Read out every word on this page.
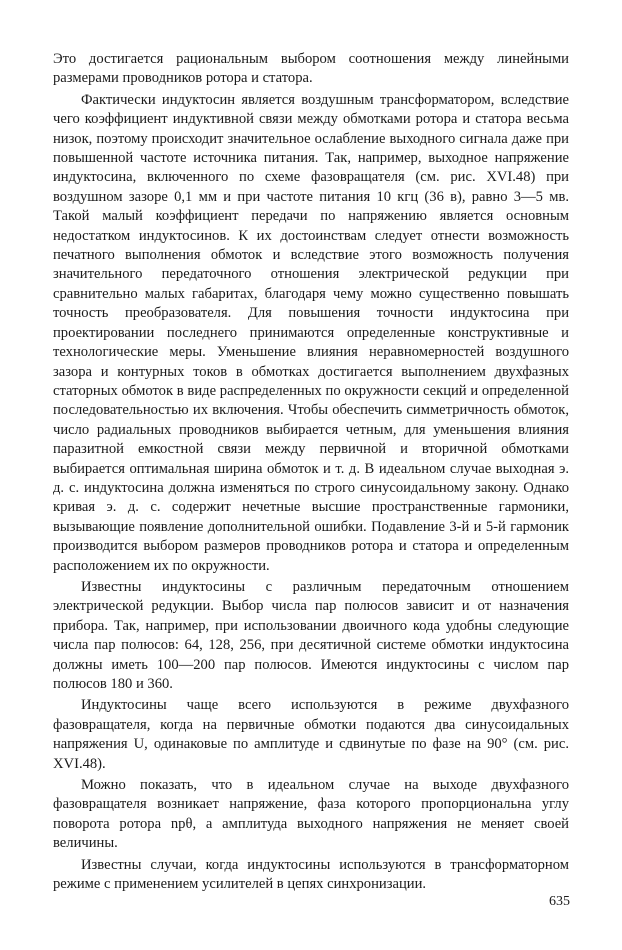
Это достигается рациональным выбором соотношения между линейными размерами проводников ротора и статора.

Фактически индуктосин является воздушным трансформатором, вследствие чего коэффициент индуктивной связи между обмотками ротора и статора весьма низок, поэтому происходит значительное ослабление выходного сигнала даже при повышенной частоте источника питания. Так, например, выходное напряжение индуктосина, включенного по схеме фазовращателя (см. рис. XVI.48) при воздушном зазоре 0,1 мм и при частоте питания 10 кгц (36 в), равно 3—5 мв. Такой малый коэффициент передачи по напряжению является основным недостатком индуктосинов. К их достоинствам следует отнести возможность печатного выполнения обмоток и вследствие этого возможность получения значительного передаточного отношения электрической редукции при сравнительно малых габаритах, благодаря чему можно существенно повышать точность преобразователя. Для повышения точности индуктосина при проектировании последнего принимаются определенные конструктивные и технологические меры. Уменьшение влияния неравномерностей воздушного зазора и контурных токов в обмотках достигается выполнением двухфазных статорных обмоток в виде распределенных по окружности секций и определенной последовательностью их включения. Чтобы обеспечить симметричность обмоток, число радиальных проводников выбирается четным, для уменьшения влияния паразитной емкостной связи между первичной и вторичной обмотками выбирается оптимальная ширина обмоток и т. д. В идеальном случае выходная э. д. с. индуктосина должна изменяться по строго синусоидальному закону. Однако кривая э. д. с. содержит нечетные высшие пространственные гармоники, вызывающие появление дополнительной ошибки. Подавление 3-й и 5-й гармоник производится выбором размеров проводников ротора и статора и определенным расположением их по окружности.

Известны индуктосины с различным передаточным отношением электрической редукции. Выбор числа пар полюсов зависит и от назначения прибора. Так, например, при использовании двоичного кода удобны следующие числа пар полюсов: 64, 128, 256, при десятичной системе обмотки индуктосина должны иметь 100—200 пар полюсов. Имеются индуктосины с числом пар полюсов 180 и 360.

Индуктосины чаще всего используются в режиме двухфазного фазовращателя, когда на первичные обмотки подаются два синусоидальных напряжения U, одинаковые по амплитуде и сдвинутые по фазе на 90° (см. рис. XVI.48).

Можно показать, что в идеальном случае на выходе двухфазного фазовращателя возникает напряжение, фаза которого пропорциональна углу поворота ротора npθ, а амплитуда выходного напряжения не меняет своей величины.

Известны случаи, когда индуктосины используются в трансформаторном режиме с применением усилителей в цепях синхронизации.

635
